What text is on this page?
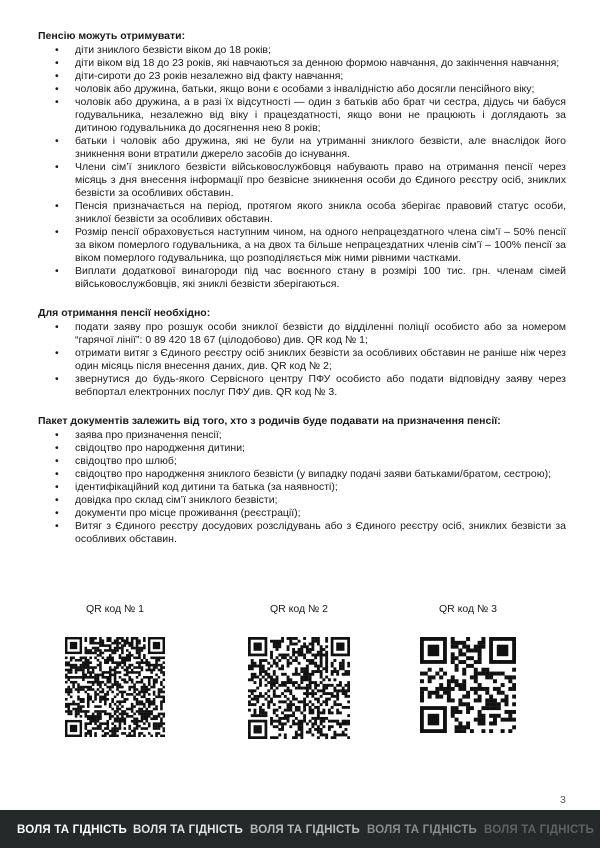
Пенсію можуть отримувати:
• діти зниклого безвісти віком до 18 років;
• діти віком від 18 до 23 років, які навчаються за денною формою навчання, до закінчення навчання;
• діти-сироти до 23 років незалежно від факту навчання;
• чоловік або дружина, батьки, якщо вони є особами з інвалідністю або досягли пенсійного віку;
• чоловік або дружина, а в разі їх відсутності — один з батьків або брат чи сестра, дідусь чи бабуся годувальника, незалежно від віку і працездатності, якщо вони не працюють і доглядають за дитиною годувальника до досягнення нею 8 років;
• батьки і чоловік або дружина, які не були на утриманні зниклого безвісти, але внаслідок його зникнення вони втратили джерело засобів до існування.
• Члени сім’ї зниклого безвісти військовослужбовця набувають право на отримання пенсії через місяць з дня внесення інформації про безвісне зникнення особи до Єдиного реєстру осіб, зниклих безвісти за особливих обставин.
• Пенсія призначається на період, протягом якого зникла особа зберігає правовий статус особи, зниклої безвісти за особливих обставин.
• Розмір пенсії обраховується наступним чином, на одного непрацездатного члена сім’ї – 50% пенсії за віком померлого годувальника, а на двох та більше непрацездатних членів сім’ї – 100% пенсії за віком померлого годувальника, що розподіляється між ними рівними частками.
• Виплати додаткової винагороди під час воєнного стану в розмірі 100 тис. грн. членам сімей військовослужбовців, які зниклі безвісти зберігаються.
Для отримання пенсії необхідно:
• подати заяву про розшук особи зниклої безвісти до відділенні поліції особисто або за номером “гарячої лінії”: 0 89 420 18 67 (цілодобово) див. QR код № 1;
• отримати витяг з Єдиного реєстру осіб зниклих безвісти за особливих обставин не раніше ніж через один місяць після внесення даних, див. QR код № 2;
• звернутися до будь-якого Сервісного центру ПФУ особисто або подати відповідну заяву через вебпортал електронних послуг ПФУ див. QR код № 3.
Пакет документів залежить від того, хто з родичів буде подавати на призначення пенсії:
• заява про призначення пенсії;
• свідоцтво про народження дитини;
• свідоцтво про шлюб;
• свідоцтво про народження зниклого безвісти (у випадку подачі заяви батьками/братом, сестрою);
• ідентифікаційний код дитини та батька (за наявності);
• довідка про склад сім’ї зниклого безвісти;
• документи про місце проживання (реєстрації);
• Витяг з Єдиного реєстру досудових розслідувань або з Єдиного реєстру осіб, зниклих безвісти за особливих обставин.
QR код № 1	QR код № 2	QR код № 3
3
ВОЛЯ ТА ГІДНІСТЬ ВОЛЯ ТА ГІДНІСТЬ ВОЛЯ ТА ГІДНІСТЬ ВОЛЯ ТА ГІДНІСТЬ ВОЛЯ ТА ГІДНІСТЬ
